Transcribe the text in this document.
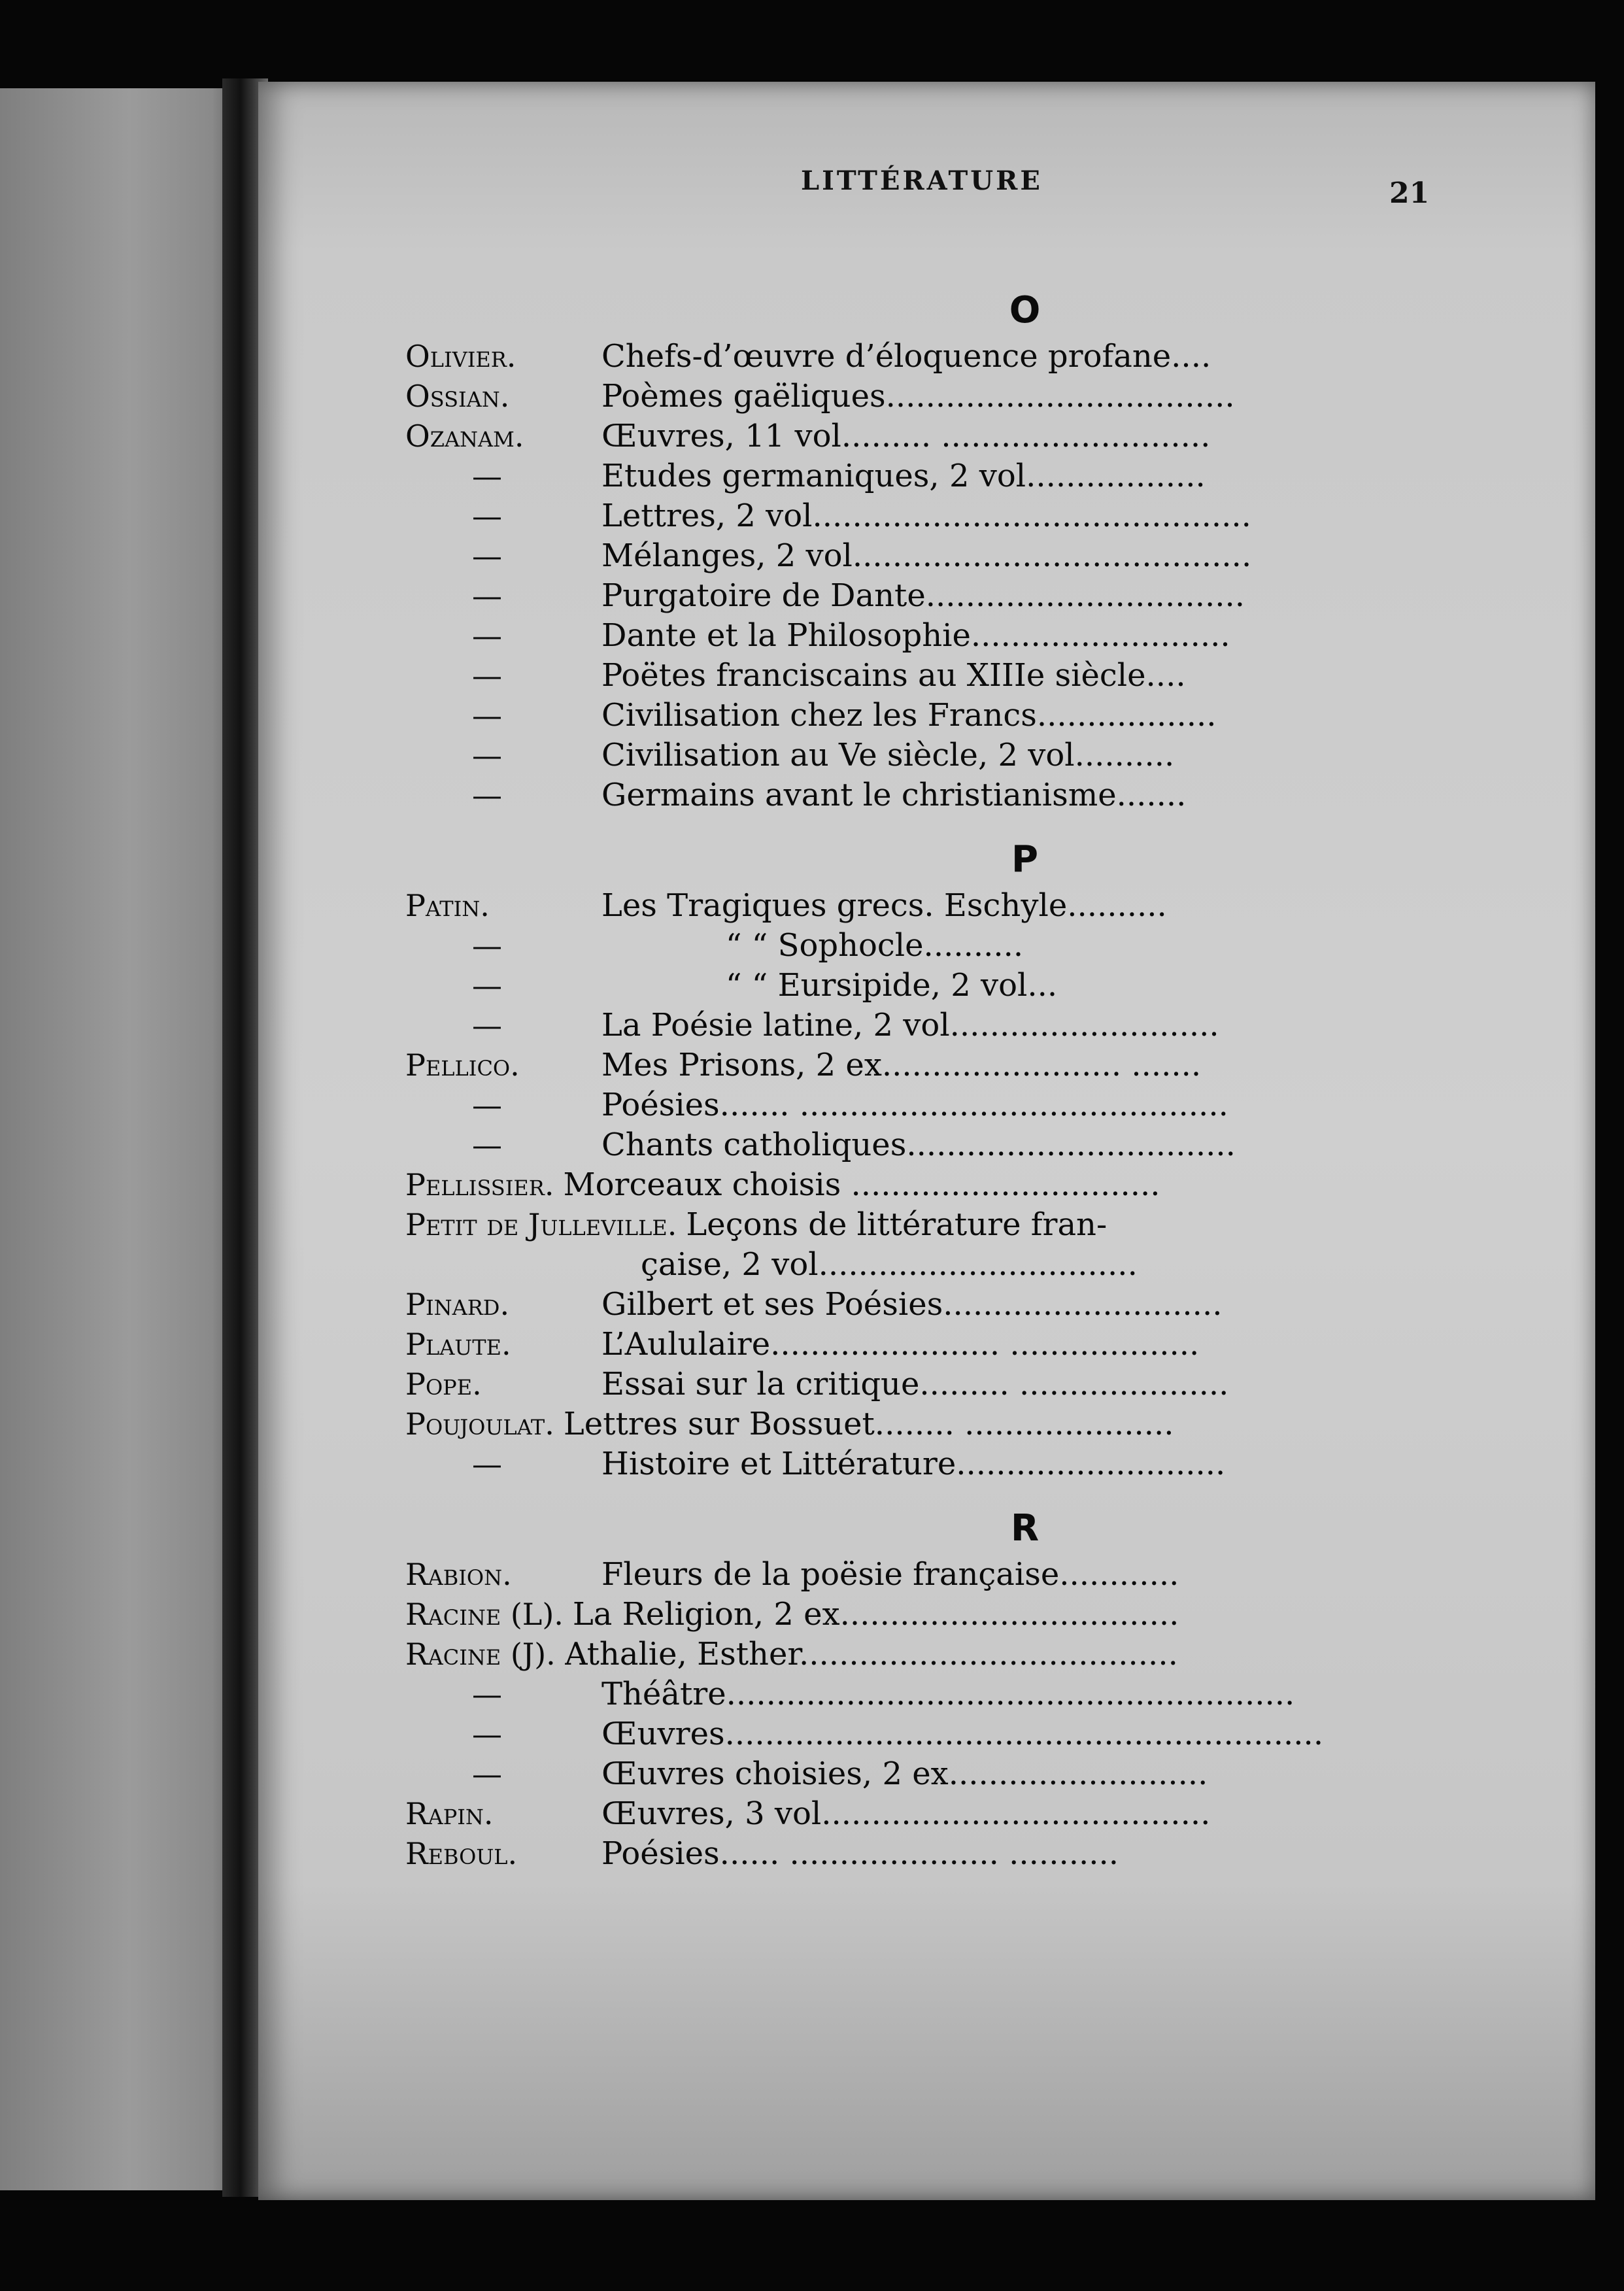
LITTÉRATURE	21
O
Olivier.	Chefs-d’œuvre d’éloquence profane....
Ossian.	Poèmes gaëliques...................................
Ozanam.	Œuvres, 11 vol......... ...........................
—	Etudes germaniques, 2 vol..................
—	Lettres, 2 vol............................................
—	Mélanges, 2 vol........................................
—	Purgatoire de Dante................................
—	Dante et la Philosophie..........................
—	Poëtes franciscains au XIIIe siècle....
—	Civilisation chez les Francs..................
—	Civilisation au Ve siècle, 2 vol..........
—	Germains avant le christianisme.......
P
Patin.	Les Tragiques grecs. Eschyle..........
—	“ “ Sophocle..........
—	“ “ Eursipide, 2 vol...
—	La Poésie latine, 2 vol...........................
Pellico.	Mes Prisons, 2 ex........................ .......
—	Poésies....... ...........................................
—	Chants catholiques.................................
Pellissier. Morceaux choisis ...............................
Petit de Julleville. Leçons de littérature fran-
çaise, 2 vol................................
Pinard.	Gilbert et ses Poésies............................
Plaute.	L’Aululaire....................... ...................
Pope.	Essai sur la critique......... .....................
Poujoulat. Lettres sur Bossuet........ .....................
—	Histoire et Littérature...........................
R
Rabion.	Fleurs de la poësie française............
Racine (L). La Religion, 2 ex..................................
Racine (J). Athalie, Esther......................................
—	Théâtre.........................................................
—	Œuvres............................................................
—	Œuvres choisies, 2 ex..........................
Rapin.	Œuvres, 3 vol.......................................
Reboul.	Poésies...... ..................... ...........
